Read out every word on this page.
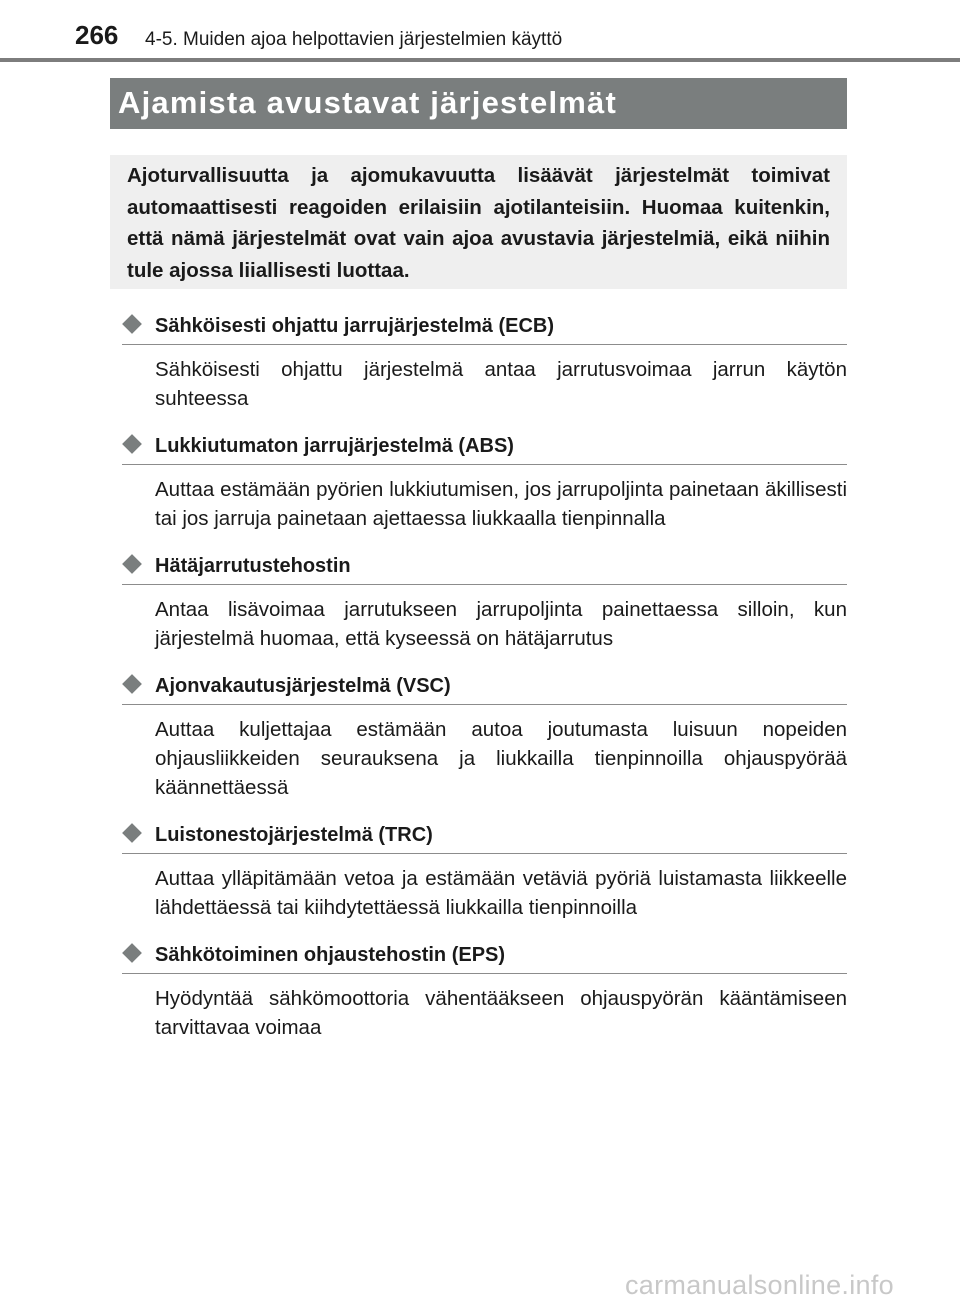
266 4-5. Muiden ajoa helpottavien järjestelmien käyttö
Ajamista avustavat järjestelmät

Ajoturvallisuutta ja ajomukavuutta lisäävät järjestelmät toimivat automaattisesti reagoiden erilaisiin ajotilanteisiin. Huomaa kuitenkin, että nämä järjestelmät ovat vain ajoa avustavia järjestelmiä, eikä niihin tule ajossa liiallisesti luottaa.

Sähköisesti ohjattu jarrujärjestelmä (ECB)
Sähköisesti ohjattu järjestelmä antaa jarrutusvoimaa jarrun käytön suhteessa
Lukkiutumaton jarrujärjestelmä (ABS)
Auttaa estämään pyörien lukkiutumisen, jos jarrupoljinta painetaan äkillisesti tai jos jarruja painetaan ajettaessa liukkaalla tienpinnalla
Hätäjarrutustehostin
Antaa lisävoimaa jarrutukseen jarrupoljinta painettaessa silloin, kun järjestelmä huomaa, että kyseessä on hätäjarrutus
Ajonvakautusjärjestelmä (VSC)
Auttaa kuljettajaa estämään autoa joutumasta luisuun nopeiden ohjausliikkeiden seurauksena ja liukkailla tienpinnoilla ohjauspyörää käännettäessä
Luistonestojärjestelmä (TRC)
Auttaa ylläpitämään vetoa ja estämään vetäviä pyöriä luistamasta liikkeelle lähdettäessä tai kiihdytettäessä liukkailla tienpinnoilla
Sähkötoiminen ohjaustehostin (EPS)
Hyödyntää sähkömoottoria vähentääkseen ohjauspyörän kääntämiseen tarvittavaa voimaa
carmanualsonline.info
